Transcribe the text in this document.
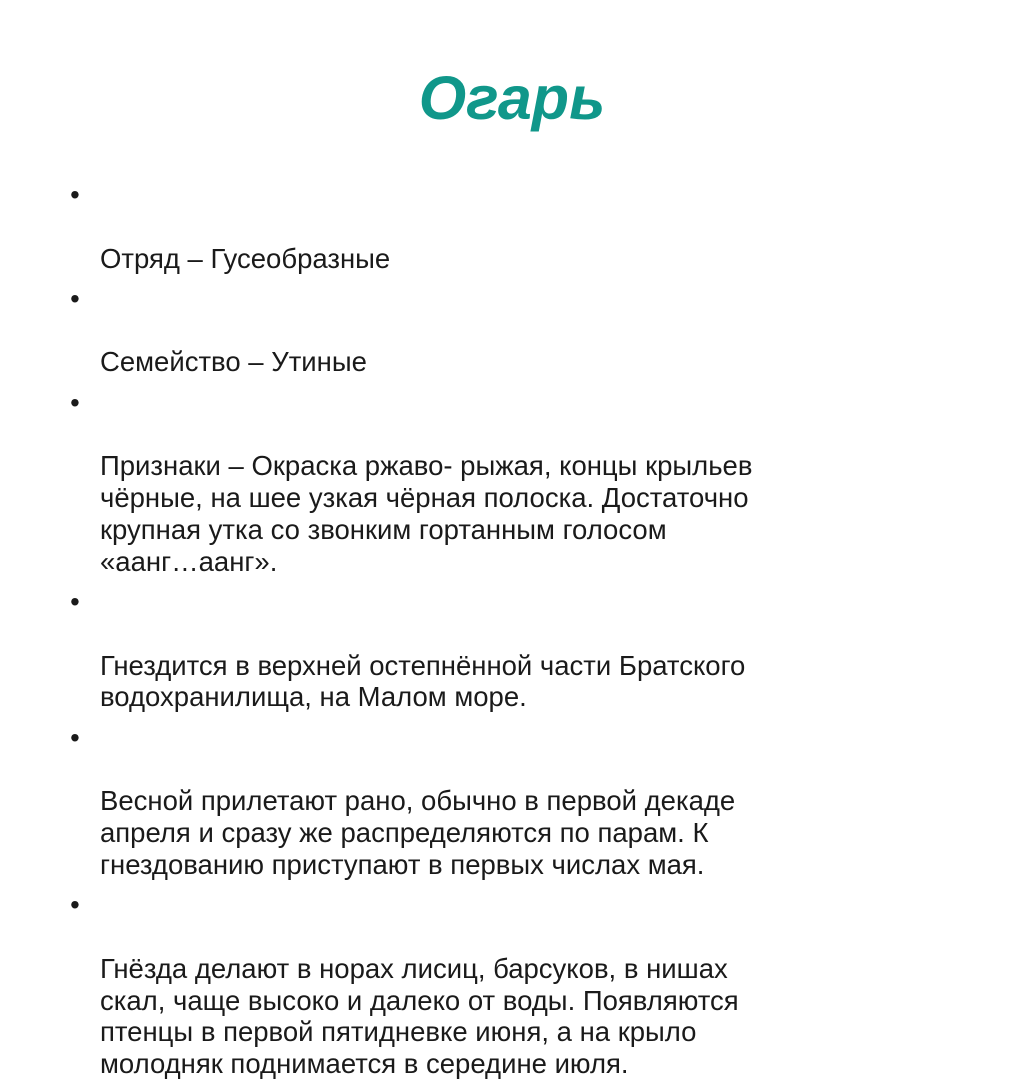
Огарь

•

Отряд – Гусеобразные

•

Семейство – Утиные

•

Признаки – Окраска ржаво- рыжая, концы крыльев
чёрные, на шее узкая чёрная полоска. Достаточно
крупная утка со звонким гортанным голосом
«аанг…аанг».

•

Гнездится в верхней остепнённой части Братского
водохранилища, на Малом море.

•

Весной прилетают рано, обычно в первой декаде
апреля и сразу же распределяются по парам. К
гнездованию приступают в первых числах мая.

•

Гнёзда делают в норах лисиц, барсуков, в нишах
скал, чаще высоко и далеко от воды. Появляются
птенцы в первой пятидневке июня, а на крыло
молодняк поднимается в середине июля.
